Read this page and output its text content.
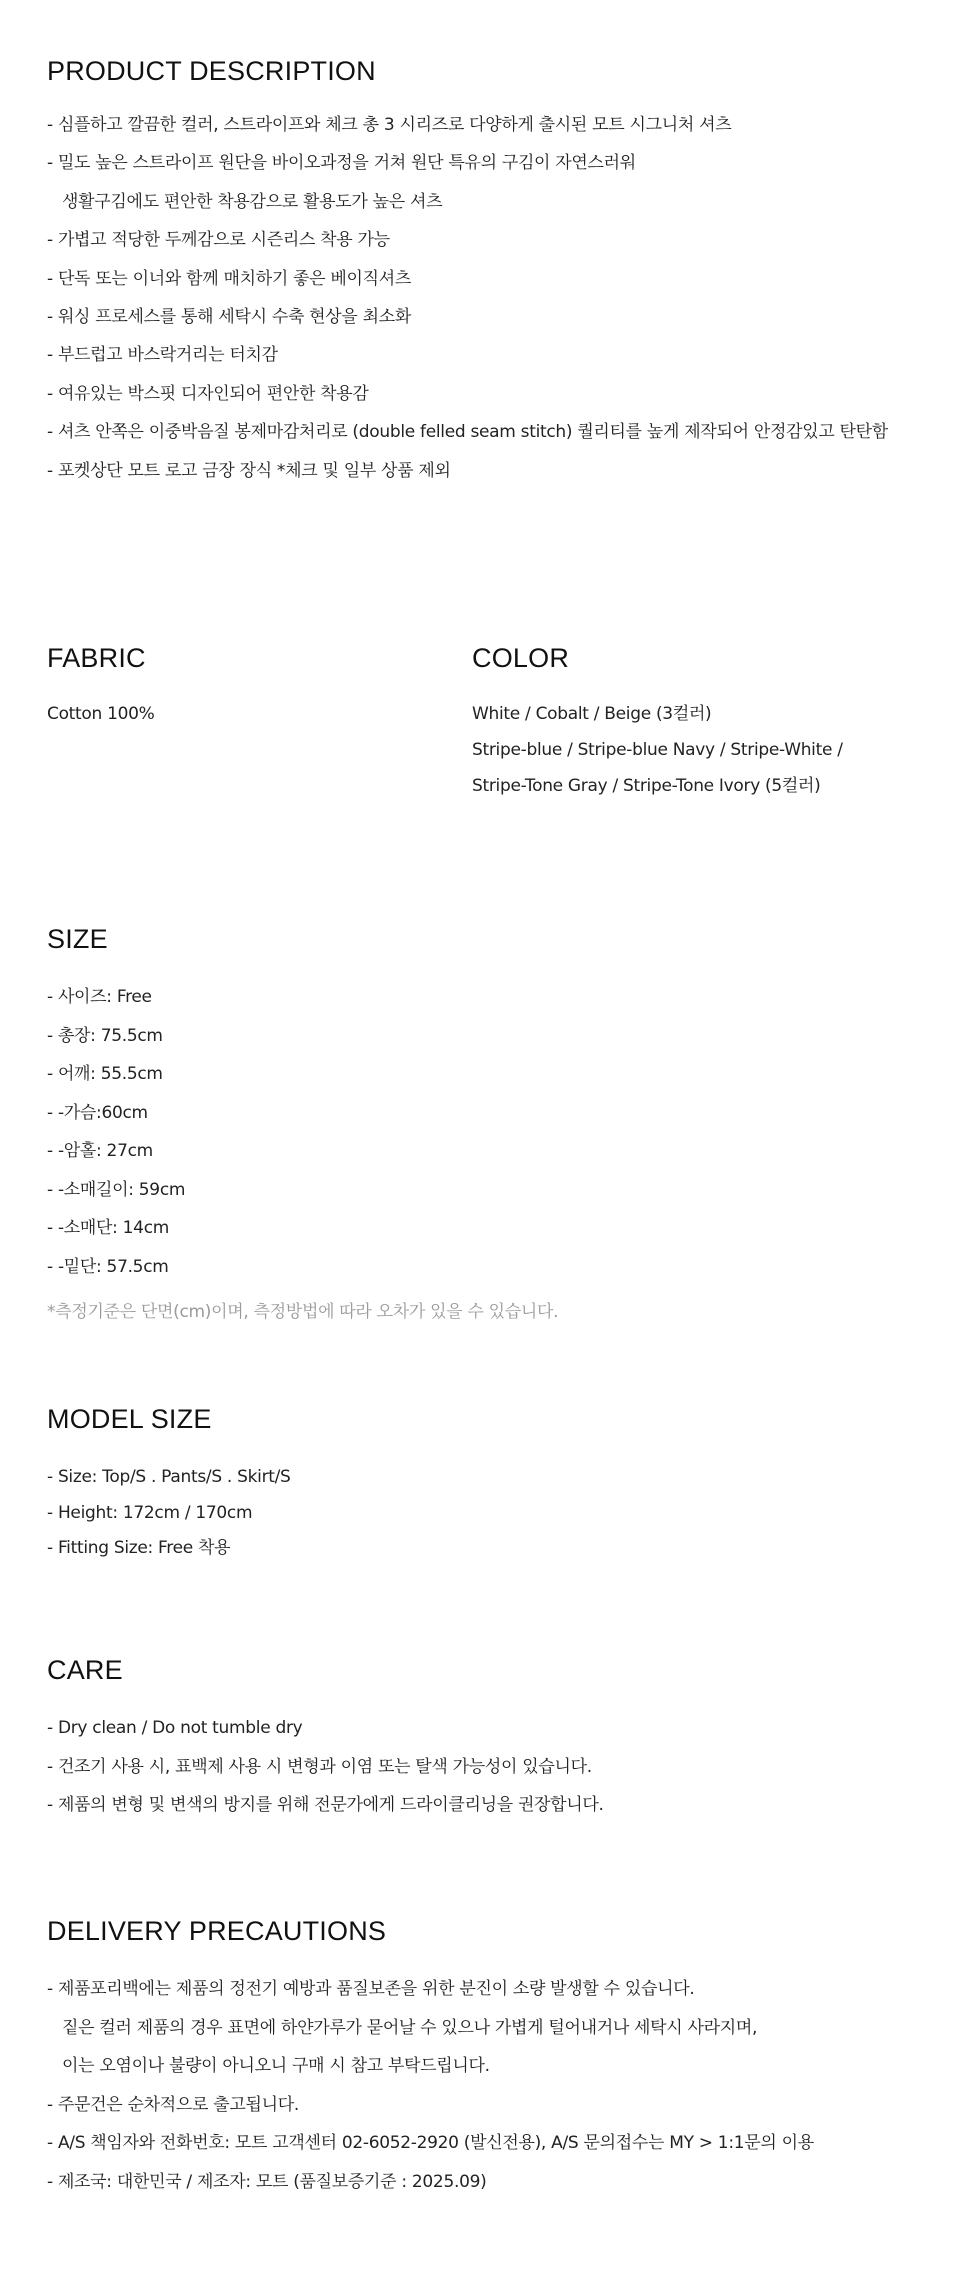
PRODUCT DESCRIPTION
- 심플하고 깔끔한 컬러, 스트라이프와 체크 총 3 시리즈로 다양하게 출시된 모트 시그니처 셔츠
- 밀도 높은 스트라이프 원단을 바이오과정을 거쳐 원단 특유의 구김이 자연스러워
생활구김에도 편안한 착용감으로 활용도가 높은 셔츠
- 가볍고 적당한 두께감으로 시즌리스 착용 가능
- 단독 또는 이너와 함께 매치하기 좋은 베이직셔츠
- 워싱 프로세스를 통해 세탁시 수축 현상을 최소화
- 부드럽고 바스락거리는 터치감
- 여유있는 박스핏 디자인되어 편안한 착용감
- 셔츠 안쪽은 이중박음질 봉제마감처리로 (double felled seam stitch) 퀄리티를 높게 제작되어 안정감있고 탄탄함
- 포켓상단 모트 로고 금장 장식 *체크 및 일부 상품 제외
FABRIC
Cotton 100%
COLOR
White / Cobalt / Beige (3컬러)
Stripe-blue / Stripe-blue Navy / Stripe-White /
Stripe-Tone Gray / Stripe-Tone Ivory (5컬러)
SIZE
- 사이즈: Free
- 총장: 75.5cm
- 어깨: 55.5cm
- -가슴:60cm
- -암홀: 27cm
- -소매길이: 59cm
- -소매단: 14cm
- -밑단: 57.5cm
*측정기준은 단면(cm)이며, 측정방법에 따라 오차가 있을 수 있습니다.
MODEL SIZE
- Size: Top/S . Pants/S . Skirt/S
- Height: 172cm / 170cm
- Fitting Size: Free 착용
CARE
- Dry clean / Do not tumble dry
- 건조기 사용 시, 표백제 사용 시 변형과 이염 또는 탈색 가능성이 있습니다.
- 제품의 변형 및 변색의 방지를 위해 전문가에게 드라이클리닝을 권장합니다.
DELIVERY PRECAUTIONS
- 제품포리백에는 제품의 정전기 예방과 품질보존을 위한 분진이 소량 발생할 수 있습니다.
짙은 컬러 제품의 경우 표면에 하얀가루가 묻어날 수 있으나 가볍게 털어내거나 세탁시 사라지며,
이는 오염이나 불량이 아니오니 구매 시 참고 부탁드립니다.
- 주문건은 순차적으로 출고됩니다.
- A/S 책임자와 전화번호: 모트 고객센터 02-6052-2920 (발신전용), A/S 문의접수는 MY > 1:1문의 이용
- 제조국: 대한민국 / 제조자: 모트 (품질보증기준 : 2025.09)
